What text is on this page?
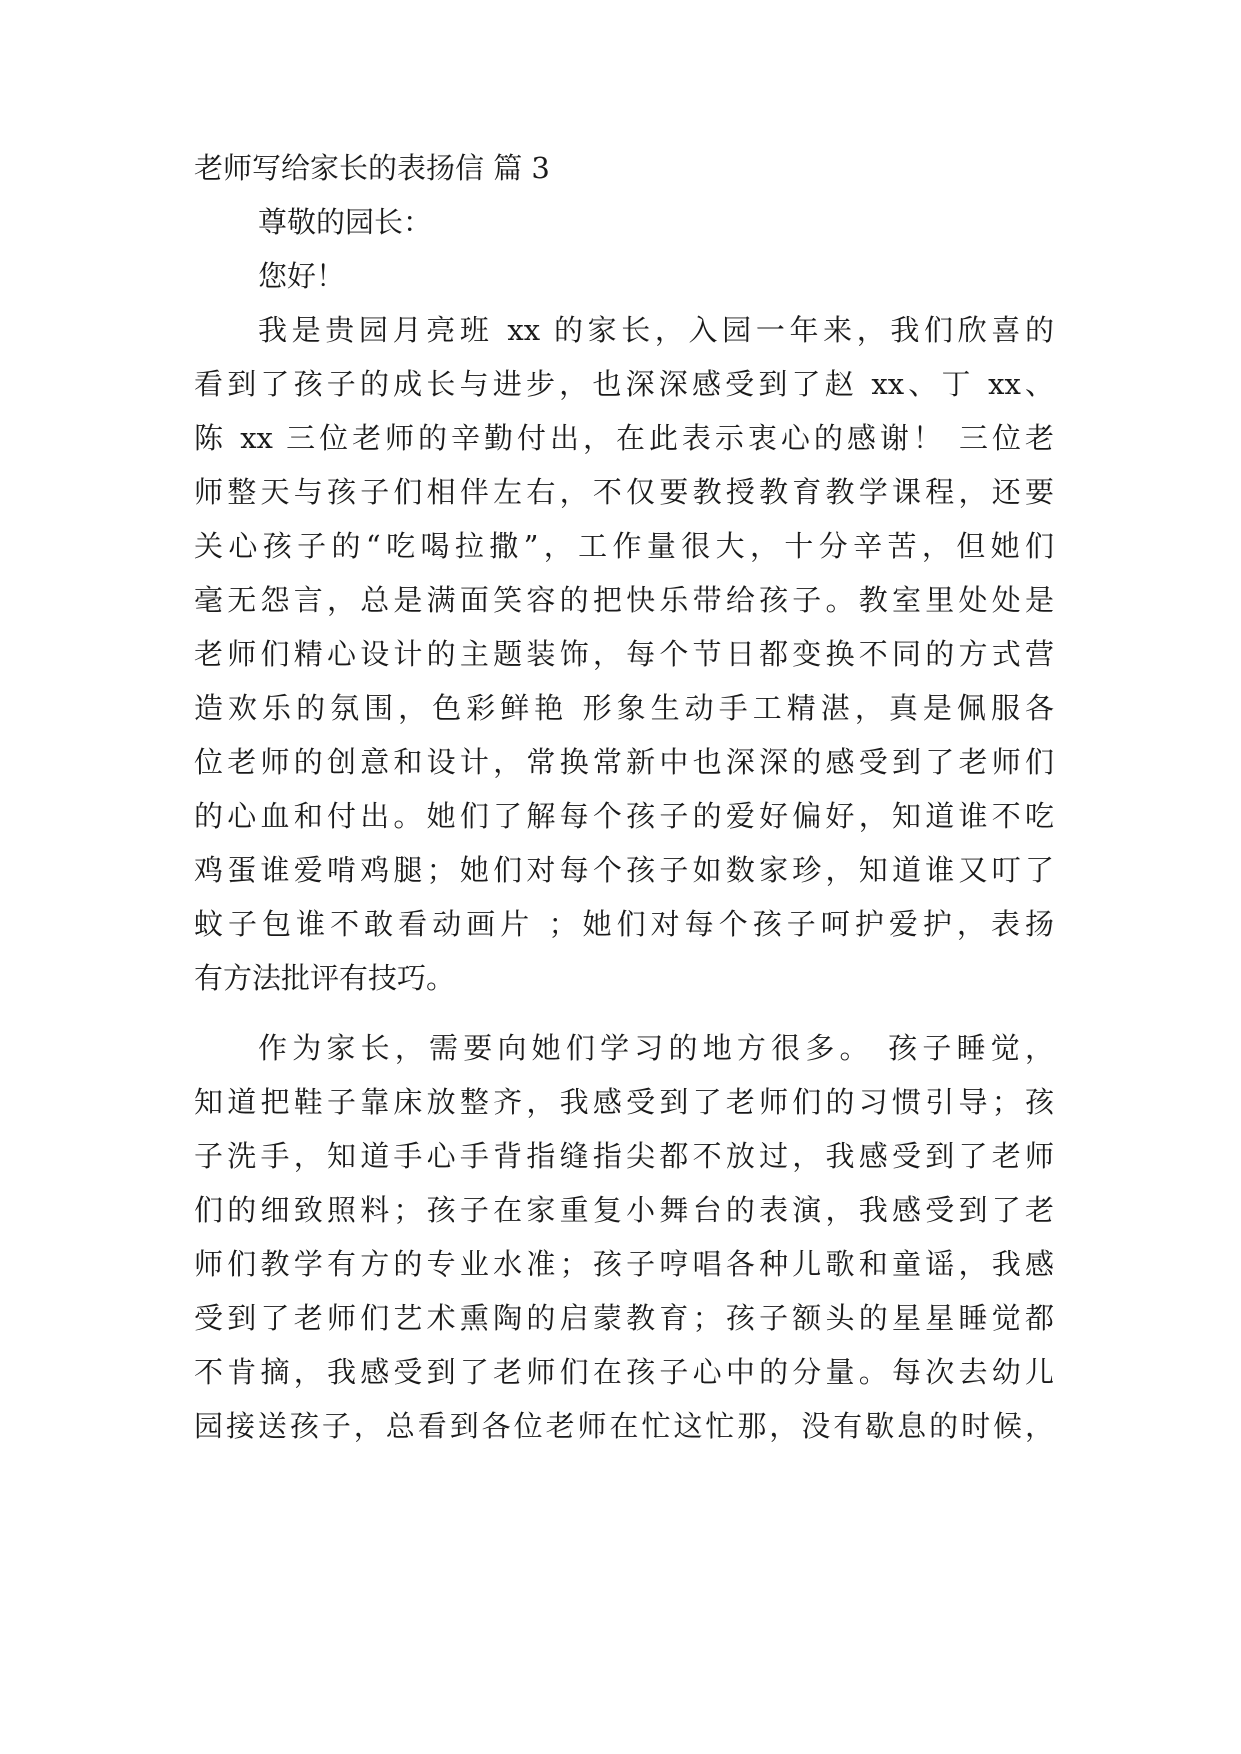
老师写给家长的表扬信 篇 3
尊敬的园长：
您好！
我是贵园月亮班 xx 的家长，入园一年来，我们欣喜的
看到了孩子的成长与进步，也深深感受到了赵 xx、丁 xx、
陈 xx 三位老师的辛勤付出，在此表示衷心的感谢！ 三位老
师整天与孩子们相伴左右，不仅要教授教育教学课程，还要
关心孩子的“吃喝拉撒”，工作量很大，十分辛苦，但她们
毫无怨言，总是满面笑容的把快乐带给孩子。教室里处处是
老师们精心设计的主题装饰，每个节日都变换不同的方式营
造欢乐的氛围，色彩鲜艳 形象生动手工精湛，真是佩服各
位老师的创意和设计，常换常新中也深深的感受到了老师们
的心血和付出。她们了解每个孩子的爱好偏好，知道谁不吃
鸡蛋谁爱啃鸡腿；她们对每个孩子如数家珍，知道谁又叮了
蚊子包谁不敢看动画片 ；她们对每个孩子呵护爱护，表扬
有方法批评有技巧。
作为家长，需要向她们学习的地方很多。 孩子睡觉，
知道把鞋子靠床放整齐，我感受到了老师们的习惯引导；孩
子洗手，知道手心手背指缝指尖都不放过，我感受到了老师
们的细致照料；孩子在家重复小舞台的表演，我感受到了老
师们教学有方的专业水准；孩子哼唱各种儿歌和童谣，我感
受到了老师们艺术熏陶的启蒙教育；孩子额头的星星睡觉都
不肯摘，我感受到了老师们在孩子心中的分量。每次去幼儿
园接送孩子，总看到各位老师在忙这忙那，没有歇息的时候，
